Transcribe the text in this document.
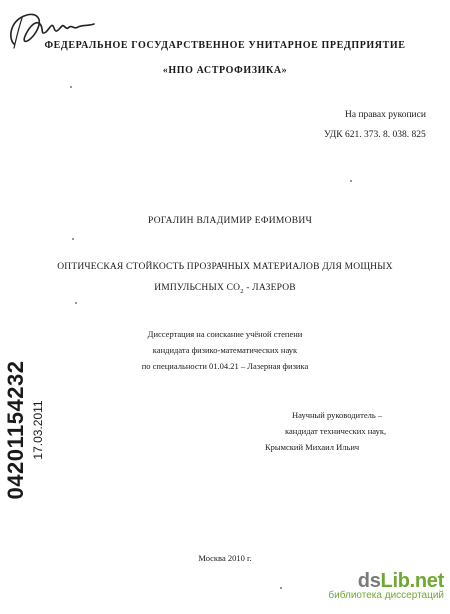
ФЕДЕРАЛЬНОЕ ГОСУДАРСТВЕННОЕ УНИТАРНОЕ ПРЕДПРИЯТИЕ
«НПО АСТРОФИЗИКА»
На правах рукописи
УДК 621. 373. 8. 038. 825
РОГАЛИН ВЛАДИМИР ЕФИМОВИЧ
ОПТИЧЕСКАЯ СТОЙКОСТЬ ПРОЗРАЧНЫХ МАТЕРИАЛОВ ДЛЯ МОЩНЫХ
ИМПУЛЬСНЫХ $СО_2$ - ЛАЗЕРОВ
Диссертация на соискание учёной степени
кандидата физико-математических наук
по специальности 01.04.21 – Лазерная физика
Научный руководитель –
кандидат технических наук,
Крымский Михаил Ильич
Москва 2010 г.
04201154232 17.03.2011
dsLib.net
библиотека диссертаций
